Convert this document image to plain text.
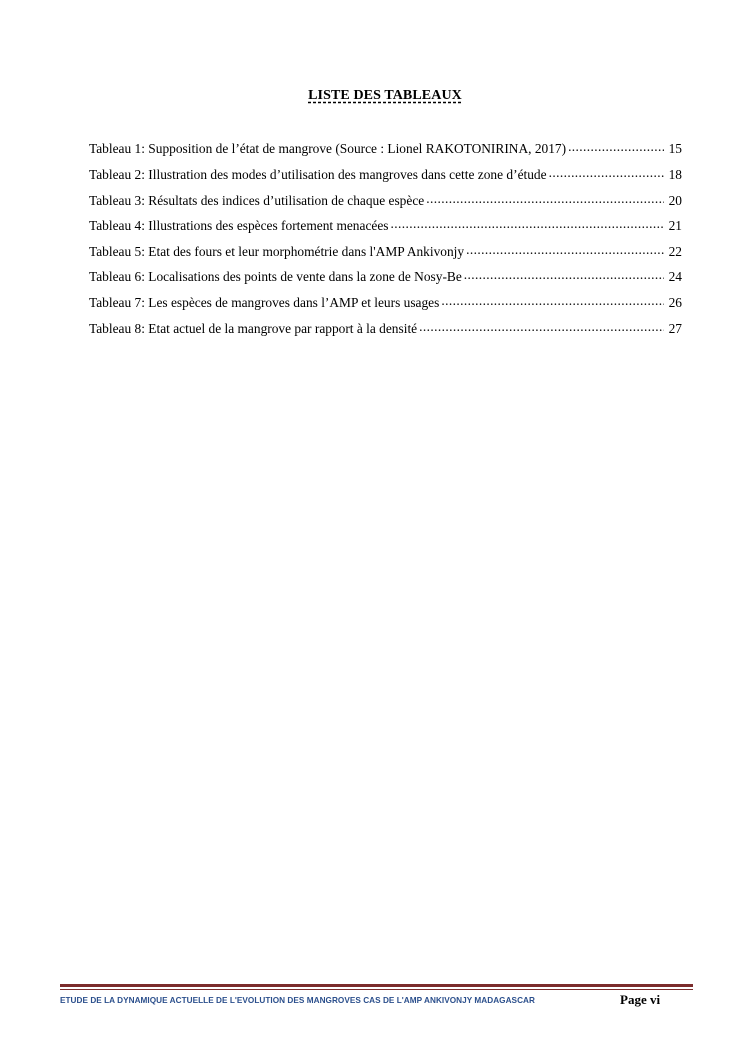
LISTE DES TABLEAUX
Tableau 1: Supposition de l’état de mangrove (Source : Lionel RAKOTONIRINA, 2017) .....	15
Tableau 2: Illustration des modes d’utilisation des mangroves dans cette zone d’étude .....	18
Tableau 3: Résultats des indices d’utilisation de chaque espèce .....	20
Tableau 4: Illustrations des espèces fortement menacées .....	21
Tableau 5: Etat des fours et leur morphométrie dans l'AMP Ankivonjy .....	22
Tableau 6: Localisations des points de vente dans la zone de Nosy-Be .....	24
Tableau 7: Les espèces de mangroves dans l’AMP et leurs usages .....	26
Tableau 8: Etat actuel de la mangrove par rapport à la densité .....	27
ETUDE DE LA DYNAMIQUE ACTUELLE DE L'EVOLUTION DES MANGROVES CAS DE L'AMP ANKIVONJY MADAGASCAR	Page vi
